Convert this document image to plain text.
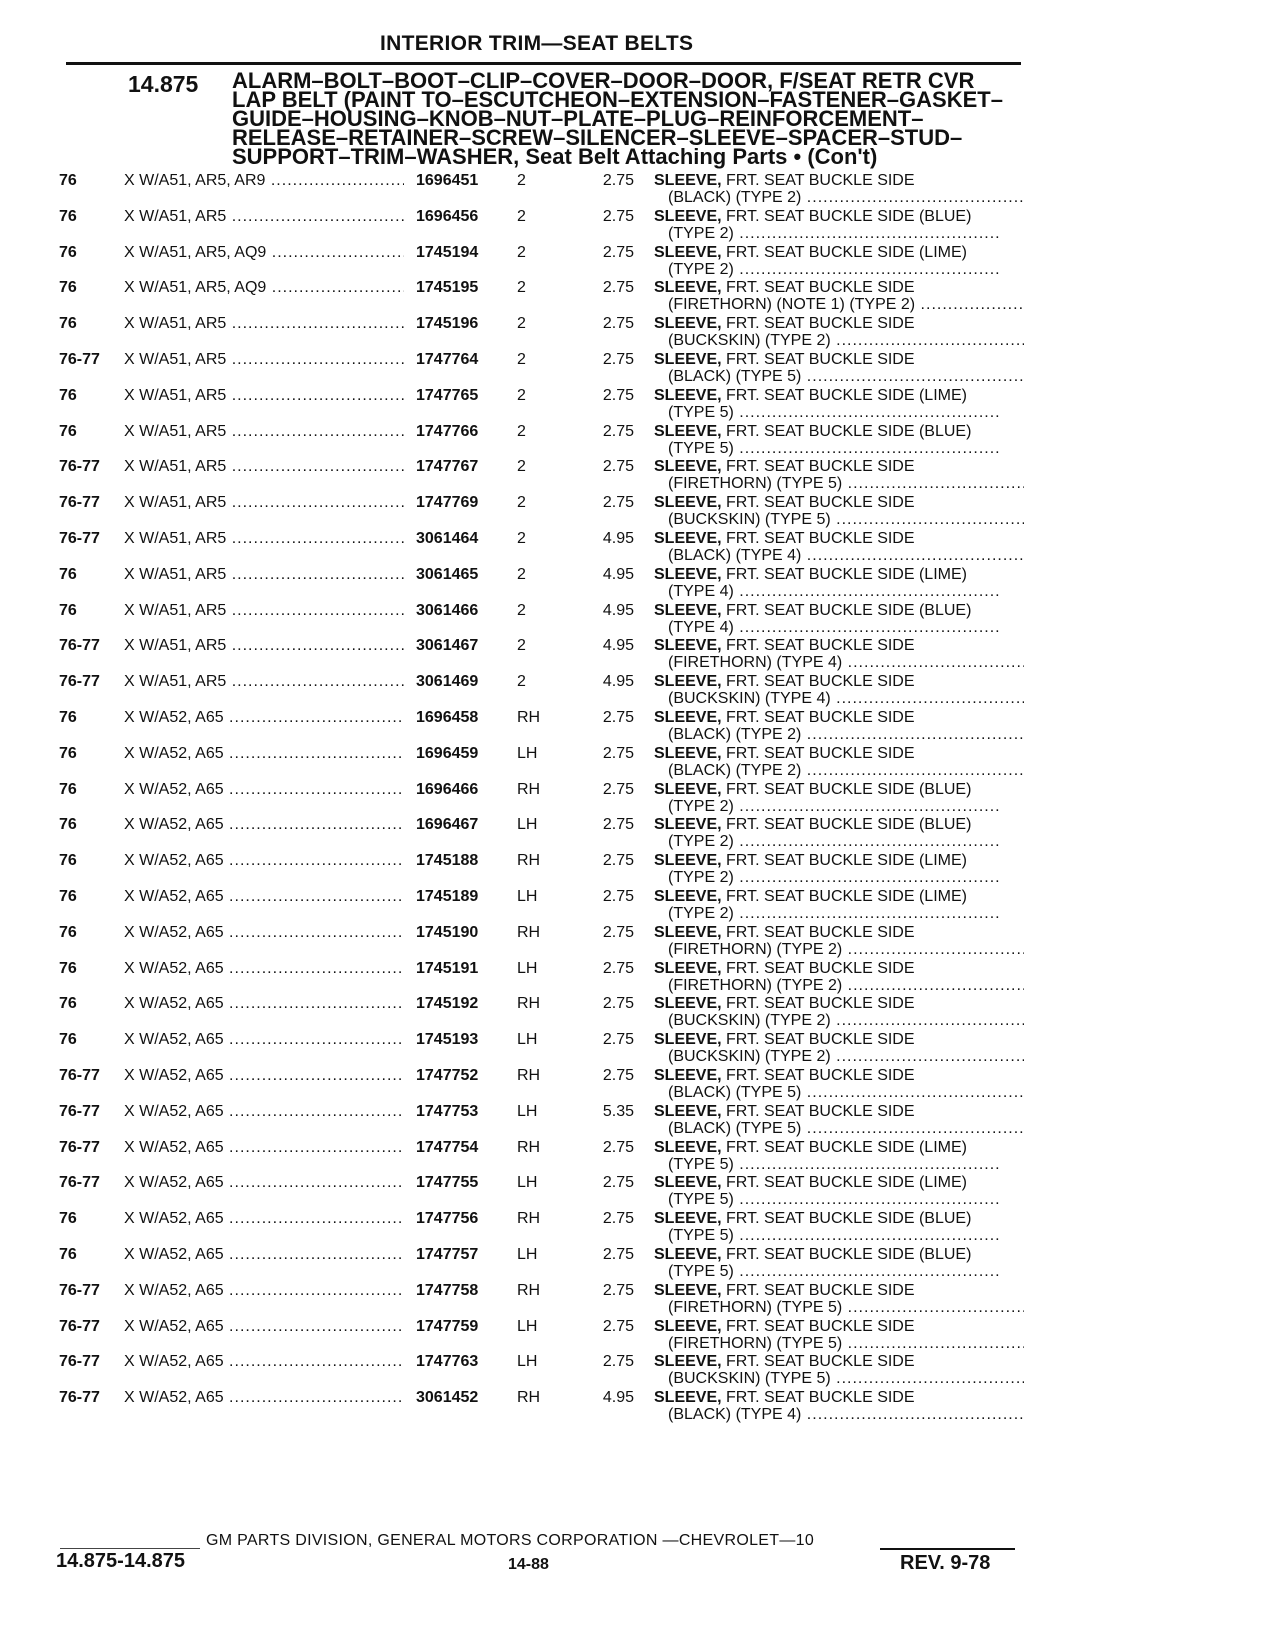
INTERIOR TRIM—SEAT BELTS
14.875 ALARM–BOLT–BOOT–CLIP–COVER–DOOR–DOOR, F/SEAT RETR CVR
LAP BELT (PAINT TO–ESCUTCHEON–EXTENSION–FASTENER–GASKET–
GUIDE–HOUSING–KNOB–NUT–PLATE–PLUG–REINFORCEMENT–
RELEASE–RETAINER–SCREW–SILENCER–SLEEVE–SPACER–STUD–
SUPPORT–TRIM–WASHER, Seat Belt Attaching Parts • (Con't)
76	X W/A51, AR5, AR9 .....	1696451	2	2.75 SLEEVE, FRT. SEAT BUCKLE SIDE
(BLACK) (TYPE 2) .....
76	X W/A51, AR5 .....	1696456	2	2.75 SLEEVE, FRT. SEAT BUCKLE SIDE (BLUE)
(TYPE 2) .....
76	X W/A51, AR5, AQ9 .....	1745194	2	2.75 SLEEVE, FRT. SEAT BUCKLE SIDE (LIME)
(TYPE 2) .....
76	X W/A51, AR5, AQ9 .....	1745195	2	2.75 SLEEVE, FRT. SEAT BUCKLE SIDE
(FIRETHORN) (NOTE 1) (TYPE 2) .....
76	X W/A51, AR5 .....	1745196	2	2.75 SLEEVE, FRT. SEAT BUCKLE SIDE
(BUCKSKIN) (TYPE 2) .....
76-77	X W/A51, AR5 .....	1747764	2	2.75 SLEEVE, FRT. SEAT BUCKLE SIDE
(BLACK) (TYPE 5) .....
76	X W/A51, AR5 .....	1747765	2	2.75 SLEEVE, FRT. SEAT BUCKLE SIDE (LIME)
(TYPE 5) .....
76	X W/A51, AR5 .....	1747766	2	2.75 SLEEVE, FRT. SEAT BUCKLE SIDE (BLUE)
(TYPE 5) .....
76-77	X W/A51, AR5 .....	1747767	2	2.75 SLEEVE, FRT. SEAT BUCKLE SIDE
(FIRETHORN) (TYPE 5) .....
76-77	X W/A51, AR5 .....	1747769	2	2.75 SLEEVE, FRT. SEAT BUCKLE SIDE
(BUCKSKIN) (TYPE 5) .....
76-77	X W/A51, AR5 .....	3061464	2	4.95 SLEEVE, FRT. SEAT BUCKLE SIDE
(BLACK) (TYPE 4) .....
76	X W/A51, AR5 .....	3061465	2	4.95 SLEEVE, FRT. SEAT BUCKLE SIDE (LIME)
(TYPE 4) .....
76	X W/A51, AR5 .....	3061466	2	4.95 SLEEVE, FRT. SEAT BUCKLE SIDE (BLUE)
(TYPE 4) .....
76-77	X W/A51, AR5 .....	3061467	2	4.95 SLEEVE, FRT. SEAT BUCKLE SIDE
(FIRETHORN) (TYPE 4) .....
76-77	X W/A51, AR5 .....	3061469	2	4.95 SLEEVE, FRT. SEAT BUCKLE SIDE
(BUCKSKIN) (TYPE 4) .....
76	X W/A52, A65 .....	1696458	RH	2.75 SLEEVE, FRT. SEAT BUCKLE SIDE
(BLACK) (TYPE 2) .....
76	X W/A52, A65 .....	1696459	LH	2.75 SLEEVE, FRT. SEAT BUCKLE SIDE
(BLACK) (TYPE 2) .....
76	X W/A52, A65 .....	1696466	RH	2.75 SLEEVE, FRT. SEAT BUCKLE SIDE (BLUE)
(TYPE 2) .....
76	X W/A52, A65 .....	1696467	LH	2.75 SLEEVE, FRT. SEAT BUCKLE SIDE (BLUE)
(TYPE 2) .....
76	X W/A52, A65 .....	1745188	RH	2.75 SLEEVE, FRT. SEAT BUCKLE SIDE (LIME)
(TYPE 2) .....
76	X W/A52, A65 .....	1745189	LH	2.75 SLEEVE, FRT. SEAT BUCKLE SIDE (LIME)
(TYPE 2) .....
76	X W/A52, A65 .....	1745190	RH	2.75 SLEEVE, FRT. SEAT BUCKLE SIDE
(FIRETHORN) (TYPE 2) .....
76	X W/A52, A65 .....	1745191	LH	2.75 SLEEVE, FRT. SEAT BUCKLE SIDE
(FIRETHORN) (TYPE 2) .....
76	X W/A52, A65 .....	1745192	RH	2.75 SLEEVE, FRT. SEAT BUCKLE SIDE
(BUCKSKIN) (TYPE 2) .....
76	X W/A52, A65 .....	1745193	LH	2.75 SLEEVE, FRT. SEAT BUCKLE SIDE
(BUCKSKIN) (TYPE 2) .....
76-77	X W/A52, A65 .....	1747752	RH	2.75 SLEEVE, FRT. SEAT BUCKLE SIDE
(BLACK) (TYPE 5) .....
76-77	X W/A52, A65 .....	1747753	LH	5.35 SLEEVE, FRT. SEAT BUCKLE SIDE
(BLACK) (TYPE 5) .....
76-77	X W/A52, A65 .....	1747754	RH	2.75 SLEEVE, FRT. SEAT BUCKLE SIDE (LIME)
(TYPE 5) .....
76-77	X W/A52, A65 .....	1747755	LH	2.75 SLEEVE, FRT. SEAT BUCKLE SIDE (LIME)
(TYPE 5) .....
76	X W/A52, A65 .....	1747756	RH	2.75 SLEEVE, FRT. SEAT BUCKLE SIDE (BLUE)
(TYPE 5) .....
76	X W/A52, A65 .....	1747757	LH	2.75 SLEEVE, FRT. SEAT BUCKLE SIDE (BLUE)
(TYPE 5) .....
76-77	X W/A52, A65 .....	1747758	RH	2.75 SLEEVE, FRT. SEAT BUCKLE SIDE
(FIRETHORN) (TYPE 5) .....
76-77	X W/A52, A65 .....	1747759	LH	2.75 SLEEVE, FRT. SEAT BUCKLE SIDE
(FIRETHORN) (TYPE 5) .....
76-77	X W/A52, A65 .....	1747763	LH	2.75 SLEEVE, FRT. SEAT BUCKLE SIDE
(BUCKSKIN) (TYPE 5) .....
76-77	X W/A52, A65 .....	3061452	RH	4.95 SLEEVE, FRT. SEAT BUCKLE SIDE
(BLACK) (TYPE 4) .....
GM PARTS DIVISION, GENERAL MOTORS CORPORATION —CHEVROLET—10
14.875-14.875	14-88	REV. 9-78
